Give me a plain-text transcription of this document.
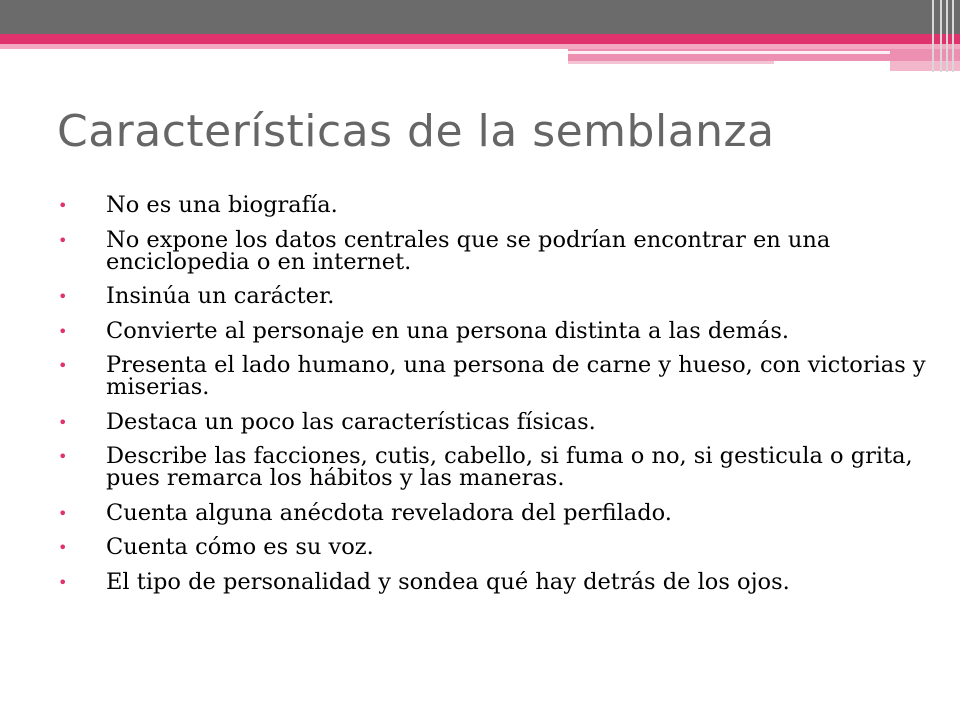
Características de la semblanza
• No es una biografía.
• No expone los datos centrales que se podrían encontrar en una enciclopedia o en internet.
• Insinúa un carácter.
• Convierte al personaje en una persona distinta a las demás.
• Presenta el lado humano, una persona de carne y hueso, con victorias y miserias.
• Destaca un poco las características físicas.
• Describe las facciones, cutis, cabello, si fuma o no, si gesticula o grita, pues remarca los hábitos y las maneras.
• Cuenta alguna anécdota reveladora del perfilado.
• Cuenta cómo es su voz.
• El tipo de personalidad y sondea qué hay detrás de los ojos.
